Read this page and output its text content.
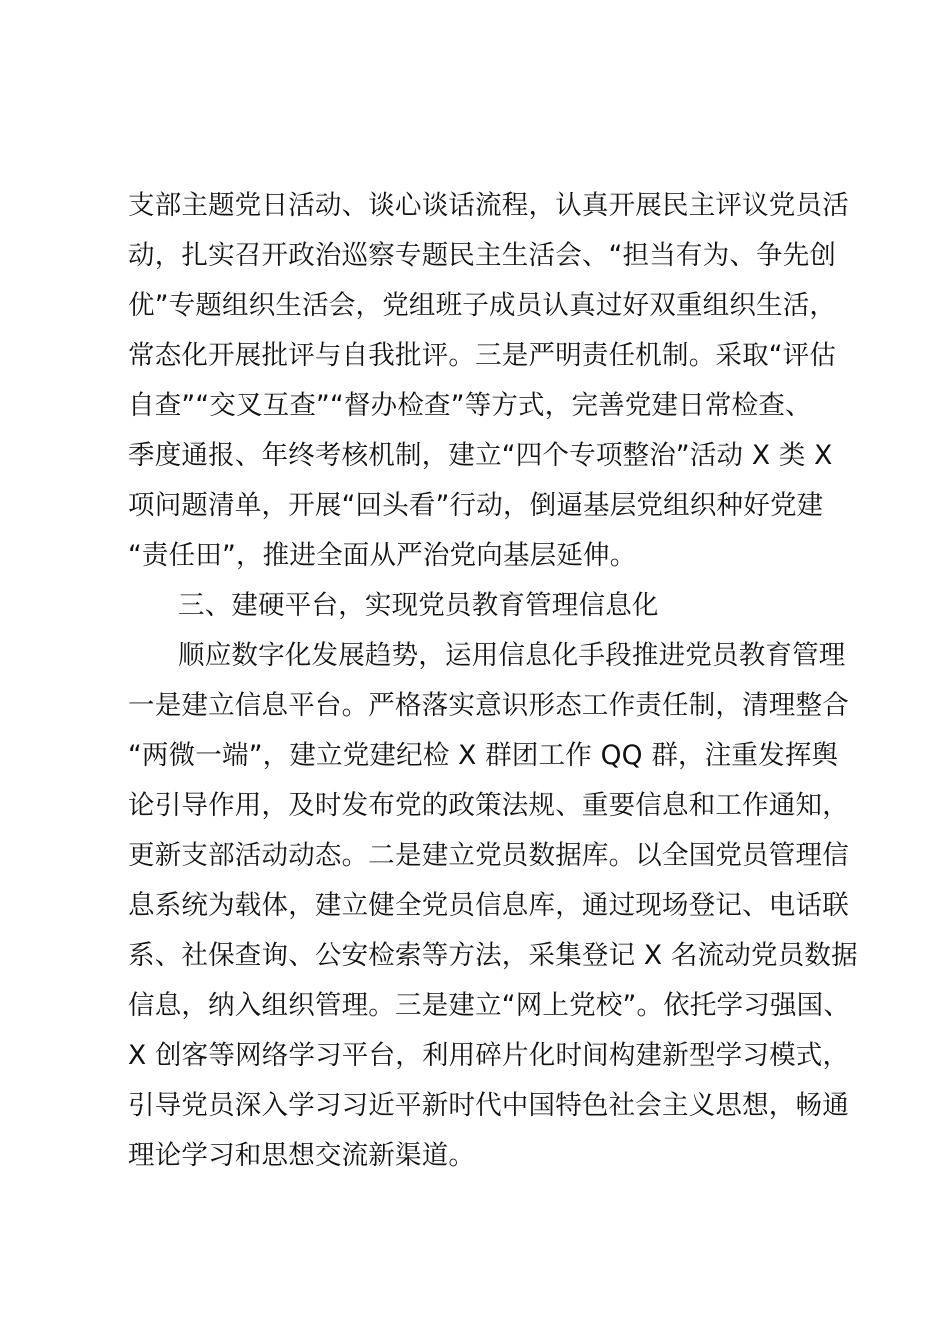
支部主题党日活动、谈心谈话流程，认真开展民主评议党员活
动，扎实召开政治巡察专题民主生活会、“担当有为、争先创
优”专题组织生活会，党组班子成员认真过好双重组织生活，
常态化开展批评与自我批评。三是严明责任机制。采取“评估
自查”“交叉互查”“督办检查”等方式，完善党建日常检查、
季度通报、年终考核机制，建立“四个专项整治”活动 X 类 X
项问题清单，开展“回头看”行动，倒逼基层党组织种好党建
“责任田”，推进全面从严治党向基层延伸。
三、建硬平台，实现党员教育管理信息化
顺应数字化发展趋势，运用信息化手段推进党员教育管理
一是建立信息平台。严格落实意识形态工作责任制，清理整合
“两微一端”，建立党建纪检 X 群团工作 QQ 群，注重发挥舆
论引导作用，及时发布党的政策法规、重要信息和工作通知，
更新支部活动动态。二是建立党员数据库。以全国党员管理信
息系统为载体，建立健全党员信息库，通过现场登记、电话联
系、社保查询、公安检索等方法，采集登记 X 名流动党员数据
信息，纳入组织管理。三是建立“网上党校”。依托学习强国、
X 创客等网络学习平台，利用碎片化时间构建新型学习模式，
引导党员深入学习习近平新时代中国特色社会主义思想，畅通
理论学习和思想交流新渠道。
